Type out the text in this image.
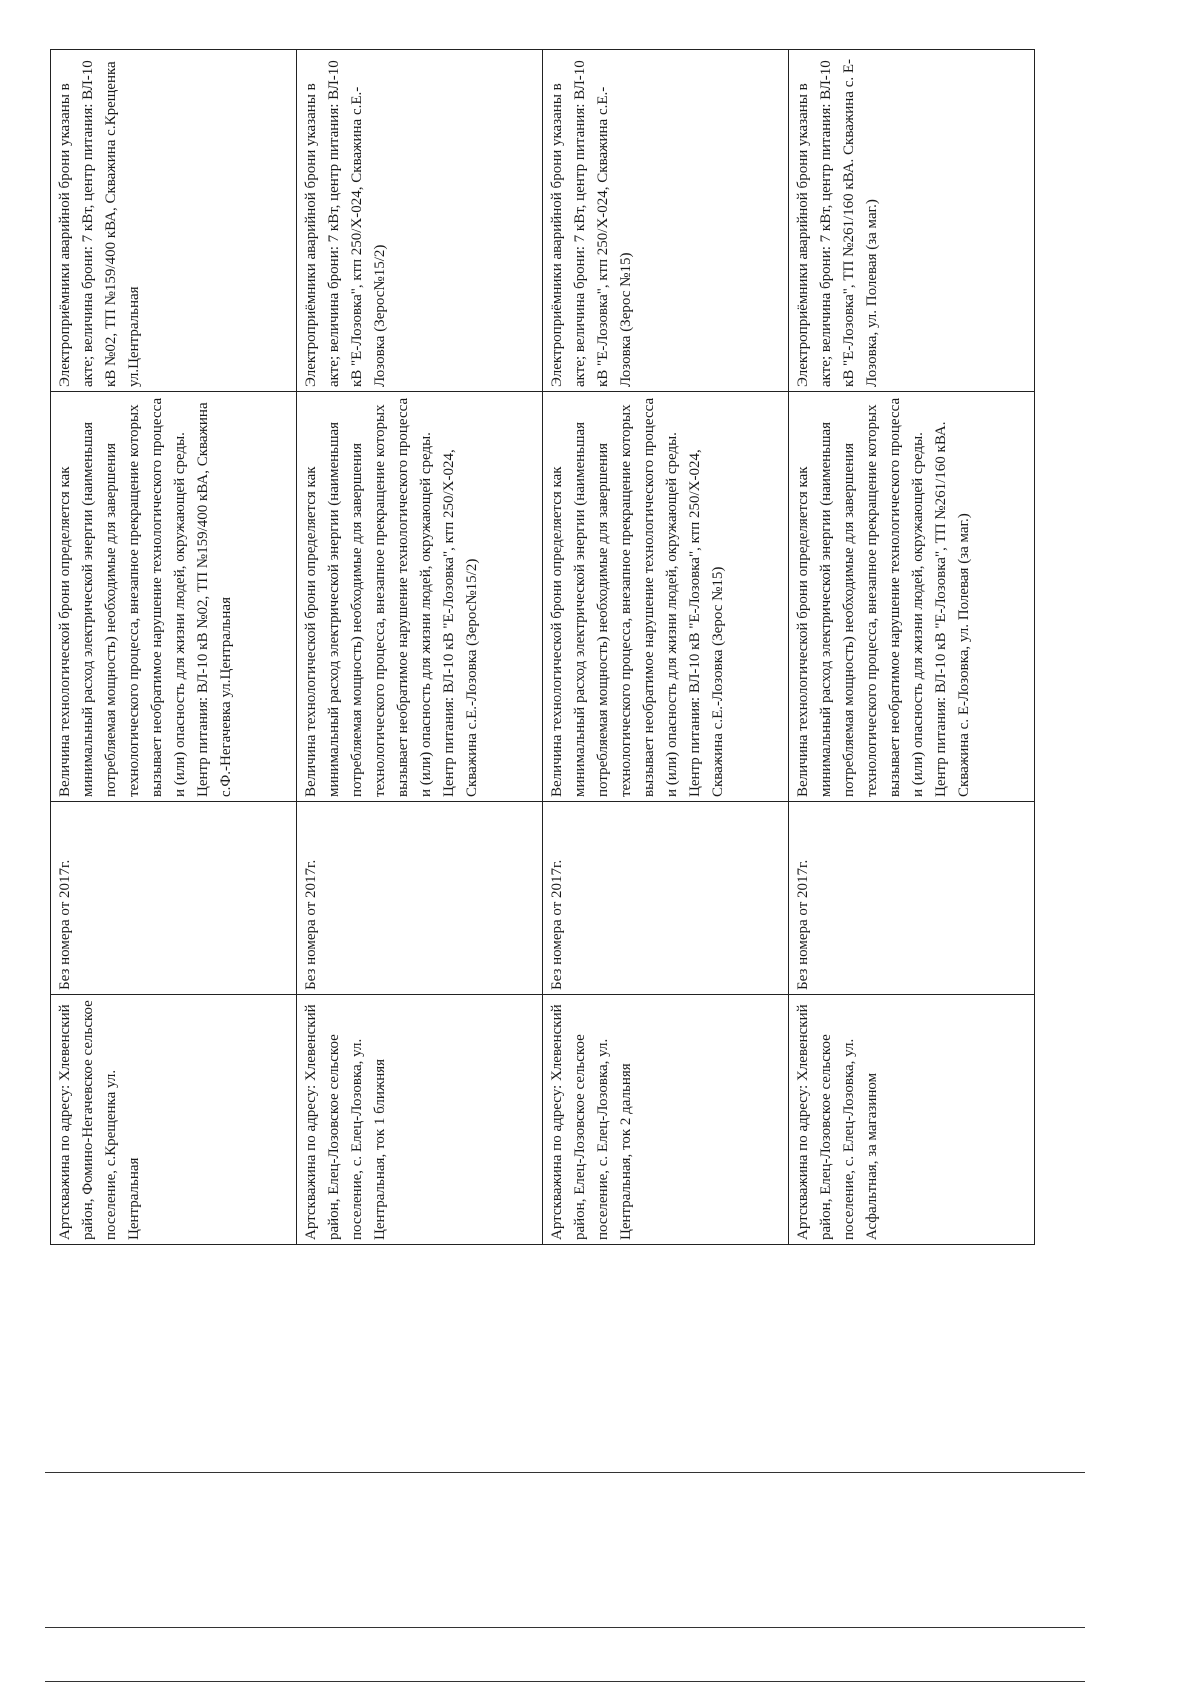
Артскважина по адресу: Хлевенский район, Фомино-Негачевское сельское поселение, с.Крещенка ул. Центральная	Без номера от 2017г.	Величина технологической брони определяется как минимальный расход электрической энергии (наименьшая потребляемая мощность) необходимые для завершения технологического процесса, внезапное прекращение которых вызывает необратимое нарушение технологического процесса и (или) опасность для жизни людей, окружающей среды. Центр питания: ВЛ-10 кВ №02, ТП №159/400 кВА, Скважина с.Ф.-Негачевка ул.Центральная	Электроприёмники аварийной брони указаны в акте; величина брони: 7 кВт, центр питания: ВЛ-10 кВ №02, ТП №159/400 кВА, Скважина с.Крещенка ул.Центральная
Артскважина по адресу: Хлевенский район, Елец-Лозовское сельское поселение, с. Елец-Лозовка, ул. Центральная, ток 1 ближняя	Без номера от 2017г.	Величина технологической брони определяется как минимальный расход электрической энергии (наименьшая потребляемая мощность) необходимые для завершения технологического процесса, внезапное прекращение которых вызывает необратимое нарушение технологического процесса и (или) опасность для жизни людей, окружающей среды. Центр питания: ВЛ-10 кВ "Е-Лозовка", ктп 250/Х-024, Скважина с.Е.-Лозовка (Зерос№15/2)	Электроприёмники аварийной брони указаны в акте; величина брони: 7 кВт, центр питания: ВЛ-10 кВ "Е-Лозовка", ктп 250/Х-024, Скважина с.Е.-Лозовка (Зерос№15/2)
Артскважина по адресу: Хлевенский район, Елец-Лозовское сельское поселение, с. Елец-Лозовка, ул. Центральная, ток 2 дальняя	Без номера от 2017г.	Величина технологической брони определяется как минимальный расход электрической энергии (наименьшая потребляемая мощность) необходимые для завершения технологического процесса, внезапное прекращение которых вызывает необратимое нарушение технологического процесса и (или) опасность для жизни людей, окружающей среды. Центр питания: ВЛ-10 кВ "Е-Лозовка", ктп 250/Х-024, Скважина с.Е.-Лозовка (Зерос №15)	Электроприёмники аварийной брони указаны в акте; величина брони: 7 кВт, центр питания: ВЛ-10 кВ "Е-Лозовка", ктп 250/Х-024, Скважина с.Е.-Лозовка (Зерос №15)
Артскважина по адресу: Хлевенский район, Елец-Лозовское сельское поселение, с. Елец-Лозовка, ул. Асфальтная, за магазином	Без номера от 2017г.	Величина технологической брони определяется как минимальный расход электрической энергии (наименьшая потребляемая мощность) необходимые для завершения технологического процесса, внезапное прекращение которых вызывает необратимое нарушение технологического процесса и (или) опасность для жизни людей, окружающей среды. Центр питания: ВЛ-10 кВ "Е-Лозовка", ТП №261/160 кВА. Скважина с. Е-Лозовка, ул. Полевая (за маг.)	Электроприёмники аварийной брони указаны в акте; величина брони: 7 кВт, центр питания: ВЛ-10 кВ "Е-Лозовка", ТП №261/160 кВА. Скважина с. Е-Лозовка, ул. Полевая (за маг.)
